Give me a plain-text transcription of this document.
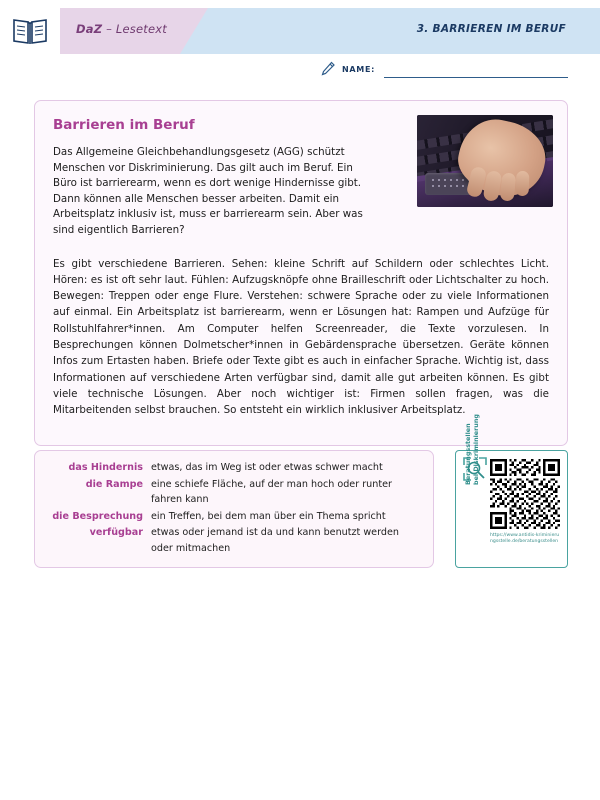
DaZ – Lesetext	3. BARRIEREN IM BERUF
NAME:
Barrieren im Beruf

Das Allgemeine Gleichbehandlungsgesetz (AGG) schützt Menschen vor Diskriminierung. Das gilt auch im Beruf. Ein Büro ist barrierearm, wenn es dort wenige Hindernisse gibt. Dann können alle Menschen besser arbeiten. Damit ein Arbeitsplatz inklusiv ist, muss er barrierearm sein. Aber was sind eigentlich Barrieren?

Es gibt verschiedene Barrieren. Sehen: kleine Schrift auf Schildern oder schlechtes Licht. Hören: es ist oft sehr laut. Fühlen: Aufzugsknöpfe ohne Brailleschrift oder Lichtschalter zu hoch. Bewegen: Treppen oder enge Flure. Verstehen: schwere Sprache oder zu viele Informationen auf einmal. Ein Arbeitsplatz ist barrierearm, wenn er Lösungen hat: Rampen und Aufzüge für Rollstuhlfahrer*innen. Am Computer helfen Screenreader, die Texte vorzulesen. In Besprechungen können Dolmetscher*innen in Gebärdensprache übersetzen. Geräte können Infos zum Ertasten haben. Briefe oder Texte gibt es auch in einfacher Sprache. Wichtig ist, dass Informationen auf verschiedene Arten verfügbar sind, damit alle gut arbeiten können. Es gibt viele technische Lösungen. Aber noch wichtiger ist: Firmen sollen fragen, was die Mitarbeitenden selbst brauchen. So entsteht ein wirklich inklusiver Arbeitsplatz.

das Hindernis etwas, das im Weg ist oder etwas schwer macht
die Rampe eine schiefe Fläche, auf der man hoch oder runter fahren kann
die Besprechung ein Treffen, bei dem man über ein Thema spricht
verfügbar etwas oder jemand ist da und kann benutzt werden oder mitmachen
Beratungsstellen bei Diskriminierung
https://www.antidis-kriminierungsstelle.de/beratungsstellen
